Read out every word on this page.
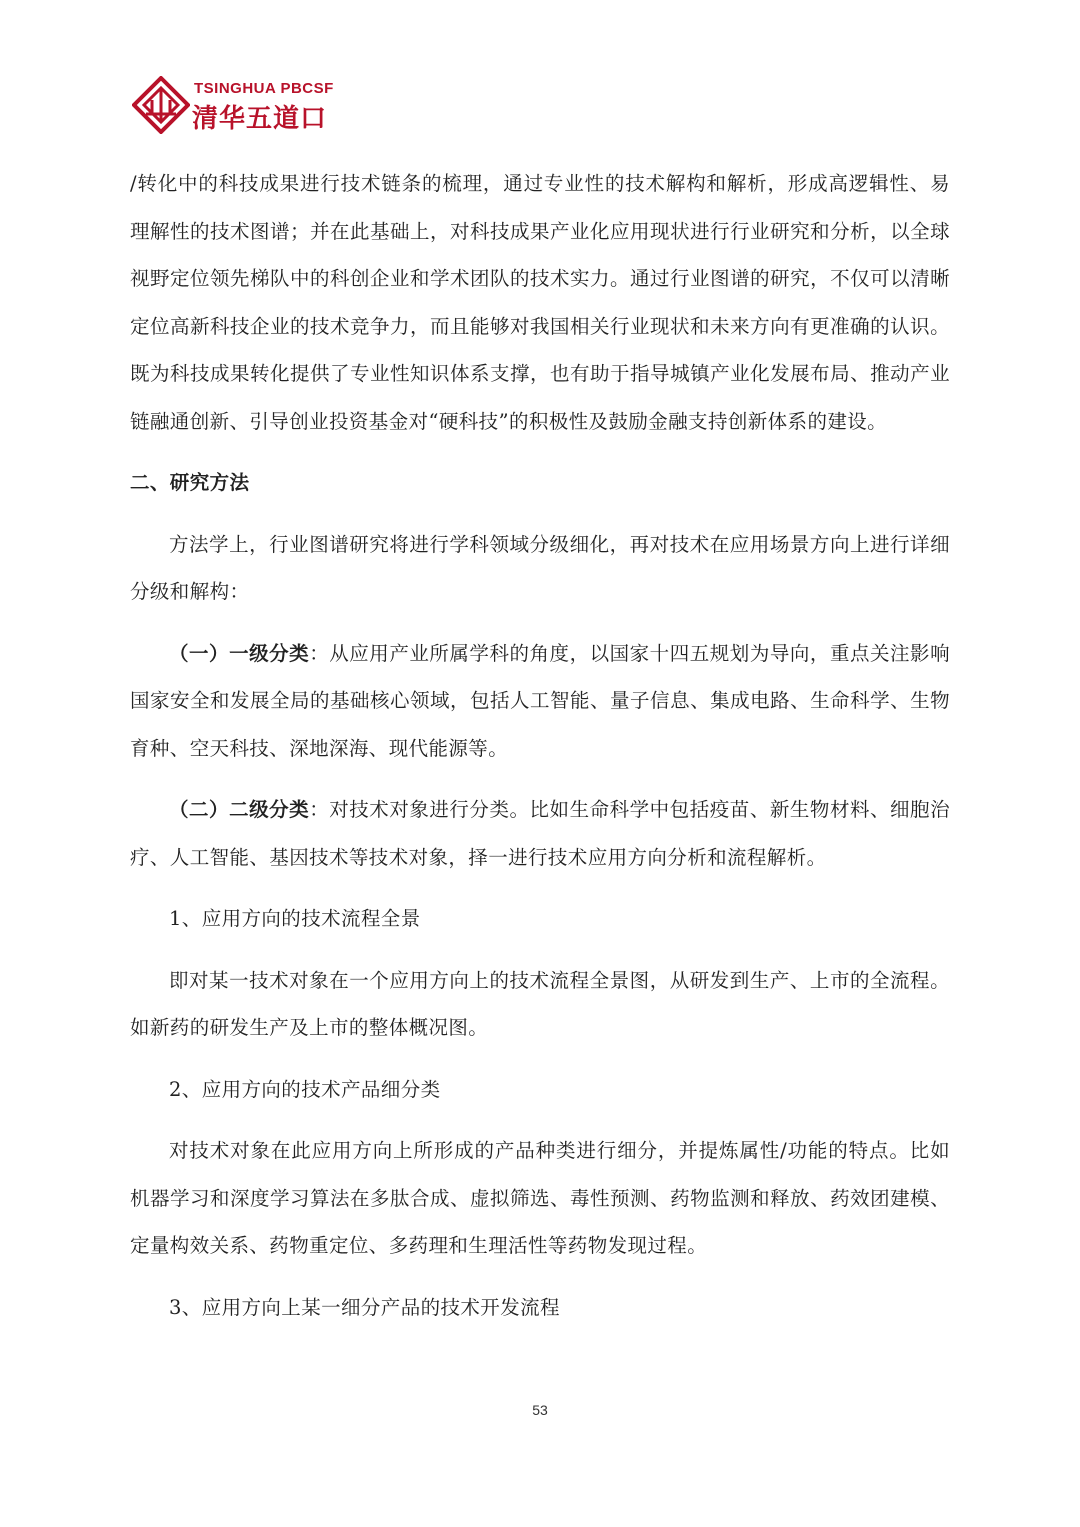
TSINGHUA PBCSF
清华五道口

/转化中的科技成果进行技术链条的梳理，通过专业性的技术解构和解析，形成高逻辑性、易理解性的技术图谱；并在此基础上，对科技成果产业化应用现状进行行业研究和分析，以全球视野定位领先梯队中的科创企业和学术团队的技术实力。通过行业图谱的研究，不仅可以清晰定位高新科技企业的技术竞争力，而且能够对我国相关行业现状和未来方向有更准确的认识。既为科技成果转化提供了专业性知识体系支撑，也有助于指导城镇产业化发展布局、推动产业链融通创新、引导创业投资基金对“硬科技”的积极性及鼓励金融支持创新体系的建设。

二、研究方法

方法学上，行业图谱研究将进行学科领域分级细化，再对技术在应用场景方向上进行详细分级和解构：

（一）一级分类：从应用产业所属学科的角度，以国家十四五规划为导向，重点关注影响国家安全和发展全局的基础核心领域，包括人工智能、量子信息、集成电路、生命科学、生物育种、空天科技、深地深海、现代能源等。

（二）二级分类：对技术对象进行分类。比如生命科学中包括疫苗、新生物材料、细胞治疗、人工智能、基因技术等技术对象，择一进行技术应用方向分析和流程解析。

1、应用方向的技术流程全景

即对某一技术对象在一个应用方向上的技术流程全景图，从研发到生产、上市的全流程。如新药的研发生产及上市的整体概况图。

2、应用方向的技术产品细分类

对技术对象在此应用方向上所形成的产品种类进行细分，并提炼属性/功能的特点。比如机器学习和深度学习算法在多肽合成、虚拟筛选、毒性预测、药物监测和释放、药效团建模、定量构效关系、药物重定位、多药理和生理活性等药物发现过程。

3、应用方向上某一细分产品的技术开发流程

53
